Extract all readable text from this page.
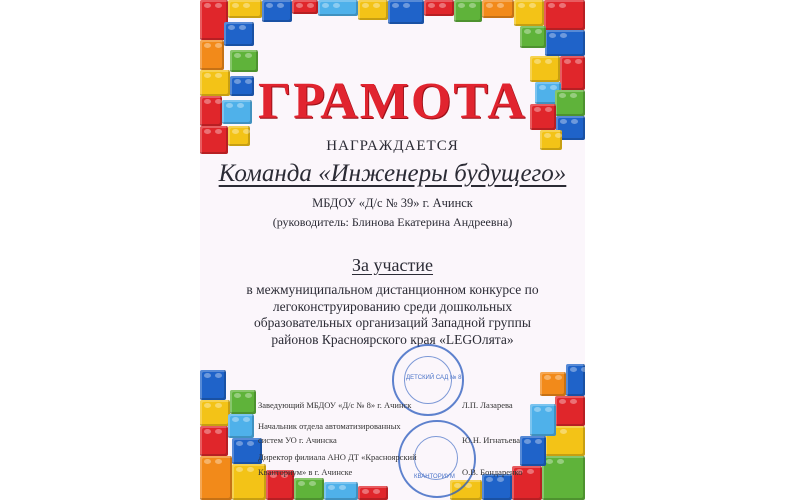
ГРАМОТА
НАГРАЖДАЕТСЯ
Команда «Инженеры будущего»
МБДОУ «Д/с № 39» г. Ачинск
(руководитель: Блинова Екатерина Андреевна)
За участие
в межмуниципальном дистанционном конкурсе по легоконструированию среди дошкольных образовательных организаций Западной группы районов Красноярского края «LEGOлята»
ДЕТСКИЙ САД № 8
КВАНТОРИУМ
Заведующий МБДОУ «Д/с № 8» г. Ачинск	Л.П. Лазарева
Начальник отдела автоматизированных
систем УО г. Ачинска	Ю.Н. Игнатьева
Директор филиала АНО ДТ «Красноярский
Кванториум» в г. Ачинске	О.В. Бондаренко
